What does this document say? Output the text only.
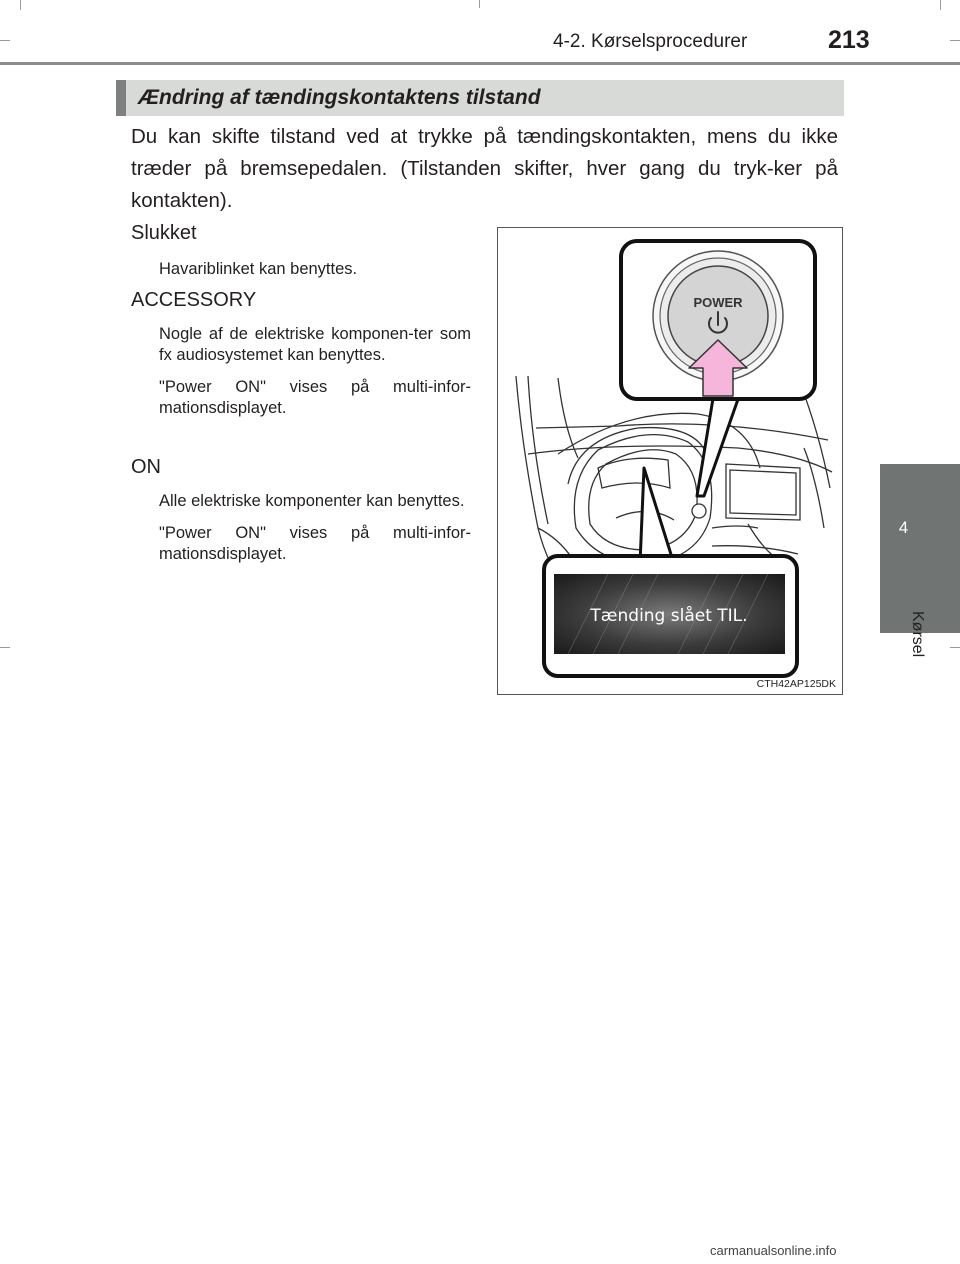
4-2. Kørselsprocedurer	213
4
Kørsel
Ændring af tændingskontaktens tilstand
Du kan skifte tilstand ved at trykke på tændingskontakten, mens du ikke træder på bremsepedalen. (Tilstanden skifter, hver gang du tryk-ker på kontakten).
Slukket

Havariblinket kan benyttes.

ACCESSORY

Nogle af de elektriske komponen-ter som fx audiosystemet kan benyttes.

"Power ON" vises på multi-infor-mationsdisplayet.

ON

Alle elektriske komponenter kan benyttes.

"Power ON" vises på multi-infor-mationsdisplayet.

POWER
Tænding slået TIL.
CTH42AP125DK
carmanualsonline.info
